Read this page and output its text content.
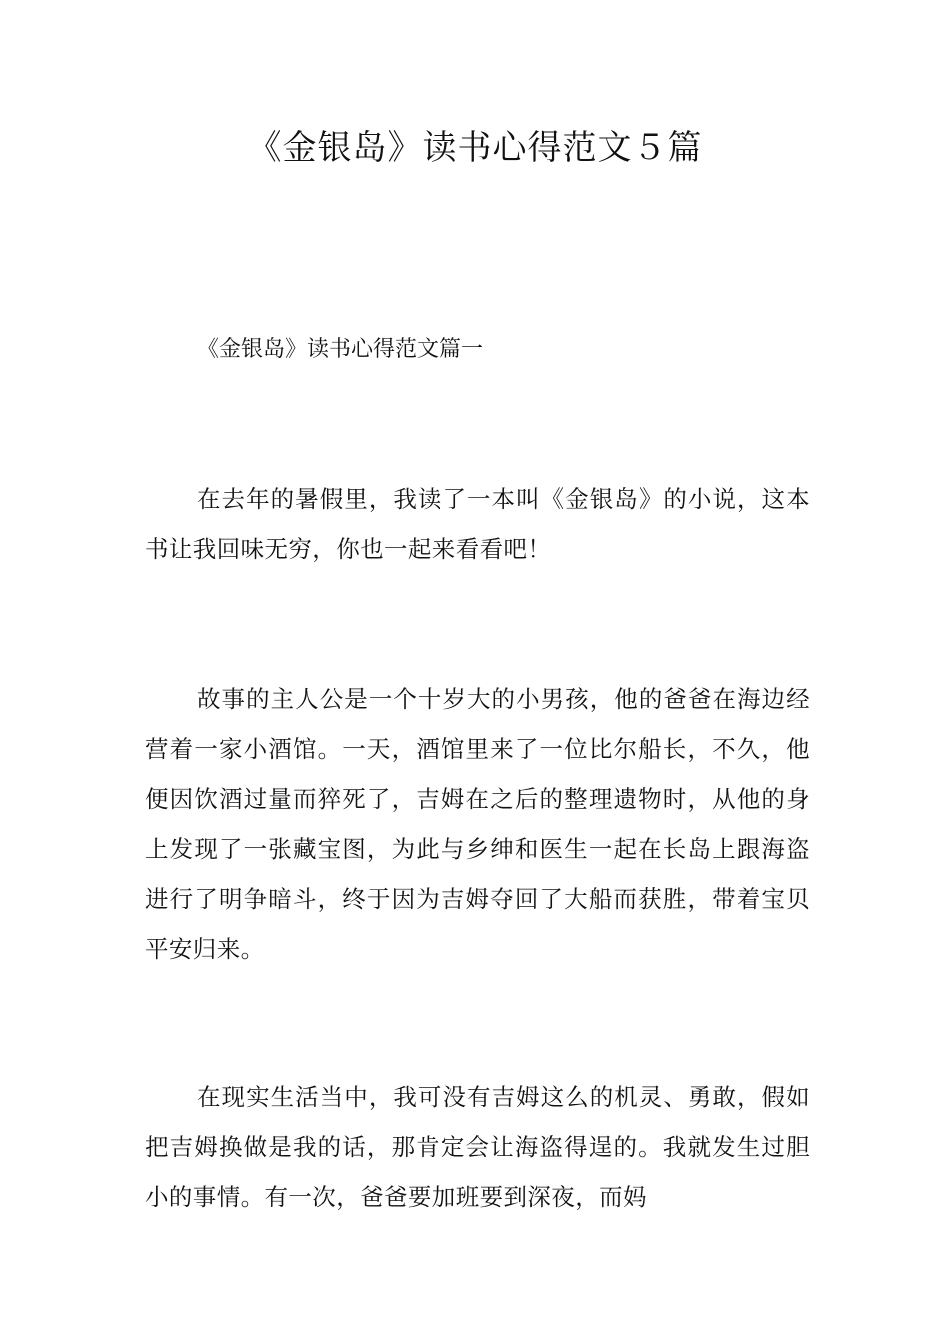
《金银岛》读书心得范文５篇
《金银岛》读书心得范文篇一

在去年的暑假里，我读了一本叫《金银岛》的小说，这本书让我回味无穷，你也一起来看看吧！

故事的主人公是一个十岁大的小男孩，他的爸爸在海边经营着一家小酒馆。一天，酒馆里来了一位比尔船长，不久，他便因饮酒过量而猝死了，吉姆在之后的整理遗物时，从他的身上发现了一张藏宝图，为此与乡绅和医生一起在长岛上跟海盗进行了明争暗斗，终于因为吉姆夺回了大船而获胜，带着宝贝平安归来。

在现实生活当中，我可没有吉姆这么的机灵、勇敢，假如把吉姆换做是我的话，那肯定会让海盗得逞的。我就发生过胆小的事情。有一次，爸爸要加班要到深夜，而妈
